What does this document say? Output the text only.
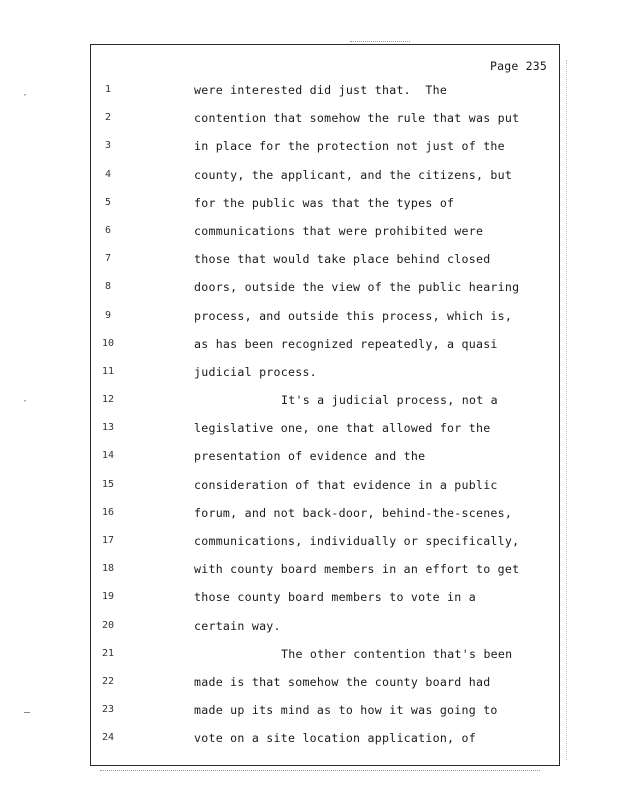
·
·
Page 235
1	were interested did just that.  The
2	contention that somehow the rule that was put
3	in place for the protection not just of the
4	county, the applicant, and the citizens, but
5	for the public was that the types of
6	communications that were prohibited were
7	those that would take place behind closed
8	doors, outside the view of the public hearing
9	process, and outside this process, which is,
10	as has been recognized repeatedly, a quasi
11	judicial process.
12	It's a judicial process, not a
13	legislative one, one that allowed for the
14	presentation of evidence and the
15	consideration of that evidence in a public
16	forum, and not back-door, behind-the-scenes,
17	communications, individually or specifically,
18	with county board members in an effort to get
19	those county board members to vote in a
20	certain way.
21	The other contention that's been
22	made is that somehow the county board had
23	made up its mind as to how it was going to
24	vote on a site location application, of
